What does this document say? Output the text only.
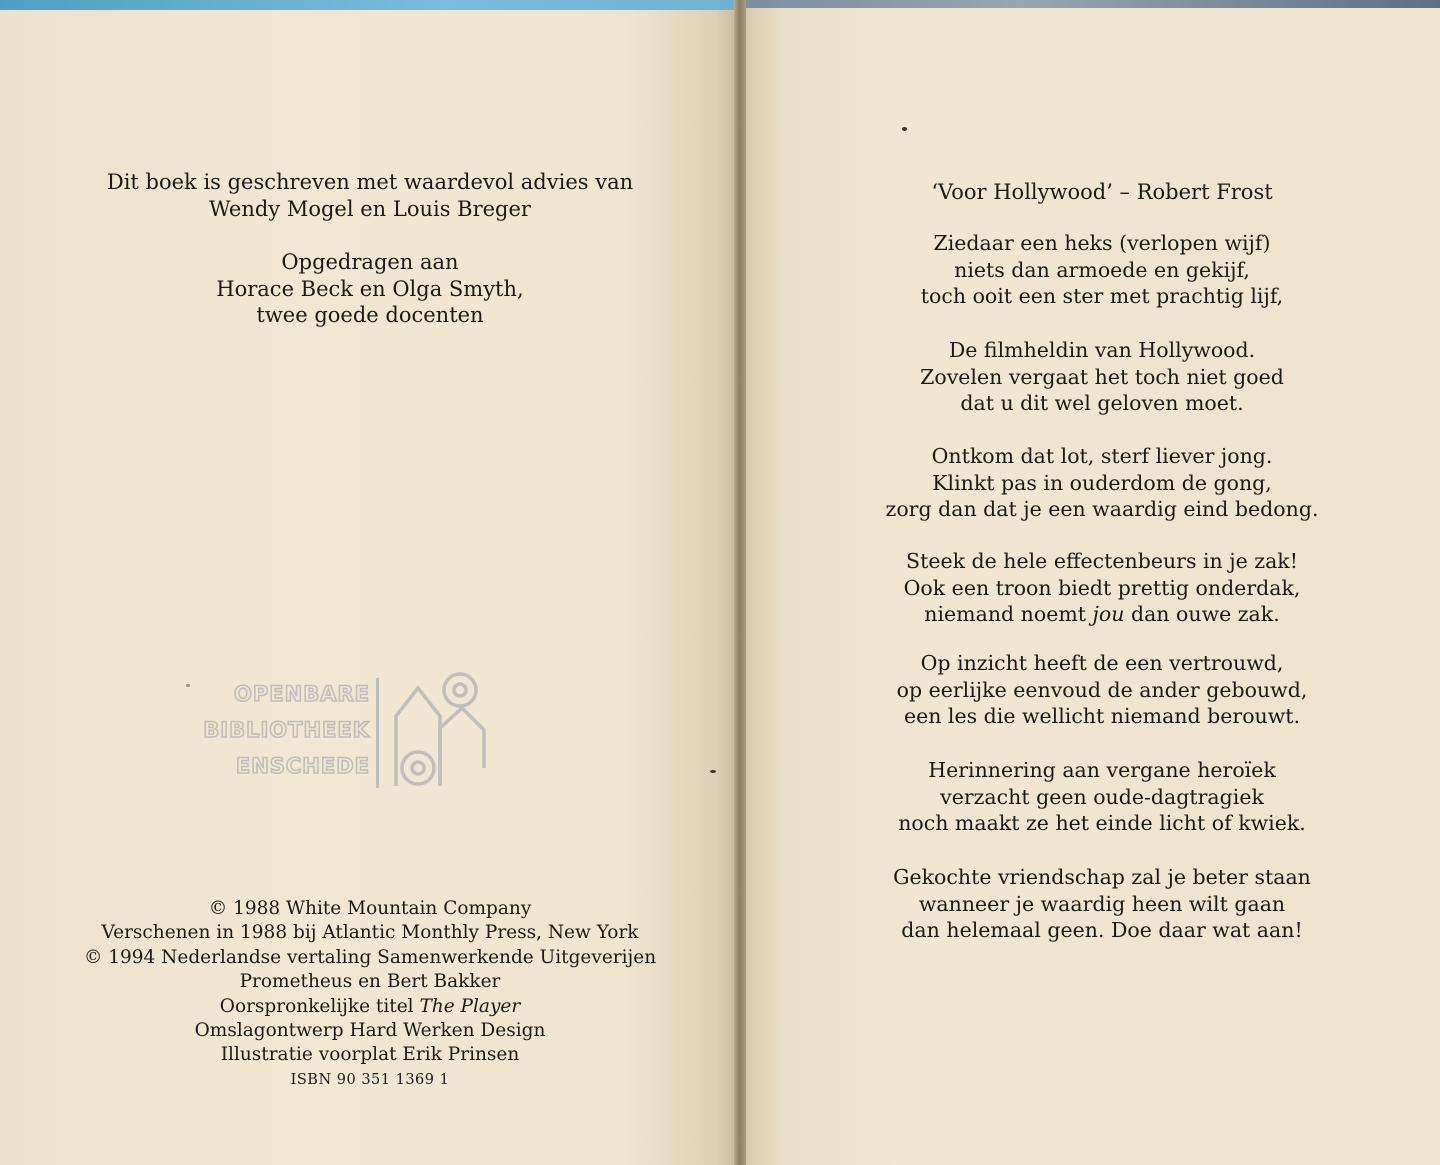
Dit boek is geschreven met waardevol advies van
Wendy Mogel en Louis Breger
Opgedragen aan
Horace Beck en Olga Smyth,
twee goede docenten
OPENBARE
BIBLIOTHEEK
ENSCHEDE
© 1988 White Mountain Company
Verschenen in 1988 bij Atlantic Monthly Press, New York
© 1994 Nederlandse vertaling Samenwerkende Uitgeverijen
Prometheus en Bert Bakker
Oorspronkelijke titel The Player
Omslagontwerp Hard Werken Design
Illustratie voorplat Erik Prinsen
ISBN 90 351 1369 1
‘Voor Hollywood’ – Robert Frost
Ziedaar een heks (verlopen wijf)
niets dan armoede en gekijf,
toch ooit een ster met prachtig lijf,
De filmheldin van Hollywood.
Zovelen vergaat het toch niet goed
dat u dit wel geloven moet.
Ontkom dat lot, sterf liever jong.
Klinkt pas in ouderdom de gong,
zorg dan dat je een waardig eind bedong.
Steek de hele effectenbeurs in je zak!
Ook een troon biedt prettig onderdak,
niemand noemt jou dan ouwe zak.
Op inzicht heeft de een vertrouwd,
op eerlijke eenvoud de ander gebouwd,
een les die wellicht niemand berouwt.
Herinnering aan vergane heroïek
verzacht geen oude-dagtragiek
noch maakt ze het einde licht of kwiek.
Gekochte vriendschap zal je beter staan
wanneer je waardig heen wilt gaan
dan helemaal geen. Doe daar wat aan!
